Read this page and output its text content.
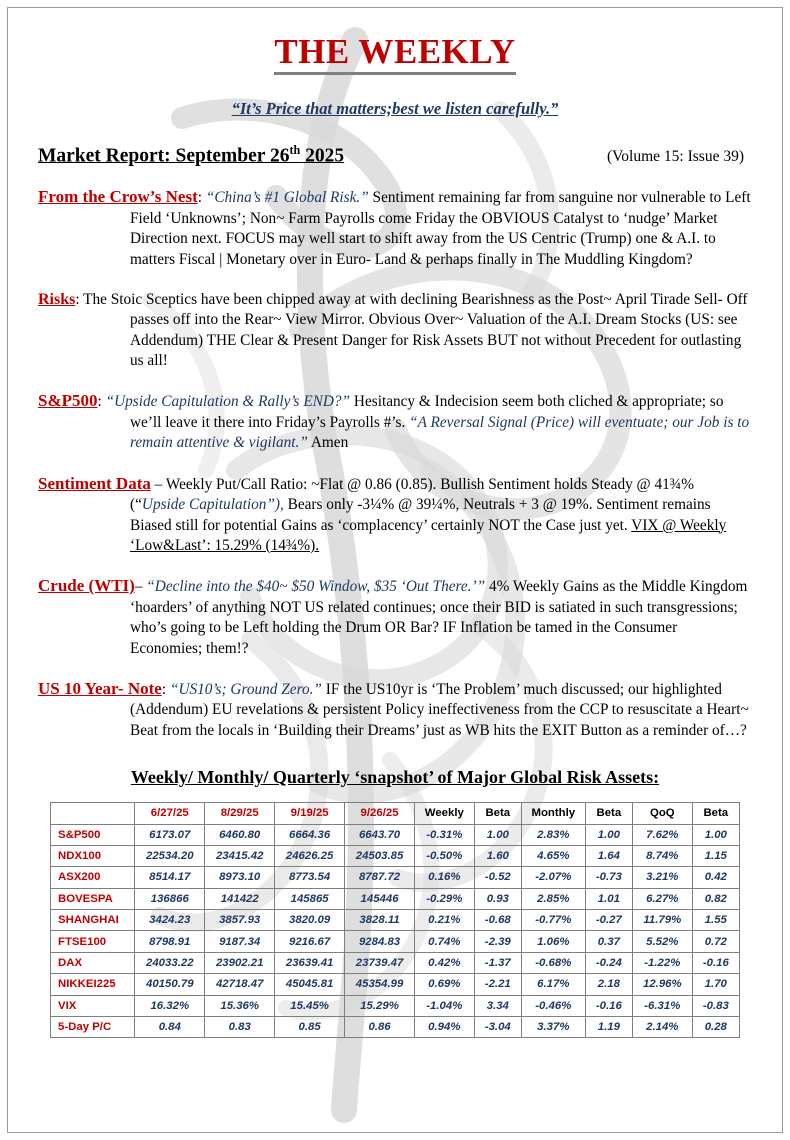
THE WEEKLY
“It’s Price that matters;best we listen carefully.”
Market Report: September 26th 2025	(Volume 15: Issue 39)

From the Crow’s Nest: “China’s #1 Global Risk.” Sentiment remaining far from sanguine nor vulnerable to Left Field ‘Unknowns’; Non~ Farm Payrolls come Friday the OBVIOUS Catalyst to ‘nudge’ Market Direction next. FOCUS may well start to shift away from the US Centric (Trump) one & A.I. to matters Fiscal | Monetary over in Euro- Land & perhaps finally in The Muddling Kingdom?

Risks: The Stoic Sceptics have been chipped away at with declining Bearishness as the Post~ April Tirade Sell- Off passes off into the Rear~ View Mirror. Obvious Over~ Valuation of the A.I. Dream Stocks (US: see Addendum) THE Clear & Present Danger for Risk Assets BUT not without Precedent for outlasting us all!

S&P500: “Upside Capitulation & Rally’s END?” Hesitancy & Indecision seem both cliched & appropriate; so we’ll leave it there into Friday’s Payrolls #’s. “A Reversal Signal (Price) will eventuate; our Job is to remain attentive & vigilant.” Amen

Sentiment Data – Weekly Put/Call Ratio: ~Flat @ 0.86 (0.85). Bullish Sentiment holds Steady @ 41¾% (“Upside Capitulation”), Bears only -3¼% @ 39¼%, Neutrals + 3 @ 19%. Sentiment remains Biased still for potential Gains as ‘complacency’ certainly NOT the Case just yet. VIX @ Weekly ‘Low&Last’: 15.29% (14¾%).

Crude (WTI)– “Decline into the $40~ $50 Window, $35 ‘Out There.’” 4% Weekly Gains as the Middle Kingdom ‘hoarders’ of anything NOT US related continues; once their BID is satiated in such transgressions; who’s going to be Left holding the Drum OR Bar? IF Inflation be tamed in the Consumer Economies; them!?

US 10 Year- Note: “US10’s; Ground Zero.” IF the US10yr is ‘The Problem’ much discussed; our highlighted (Addendum) EU revelations & persistent Policy ineffectiveness from the CCP to resuscitate a Heart~ Beat from the locals in ‘Building their Dreams’ just as WB hits the EXIT Button as a reminder of…?

Weekly/ Monthly/ Quarterly ‘snapshot’ of Major Global Risk Assets:
	6/27/25	8/29/25	9/19/25	9/26/25	Weekly	Beta	Monthly	Beta	QoQ	Beta
S&P500	6173.07	6460.80	6664.36	6643.70	-0.31%	1.00	2.83%	1.00	7.62%	1.00
NDX100	22534.20	23415.42	24626.25	24503.85	-0.50%	1.60	4.65%	1.64	8.74%	1.15
ASX200	8514.17	8973.10	8773.54	8787.72	0.16%	-0.52	-2.07%	-0.73	3.21%	0.42
BOVESPA	136866	141422	145865	145446	-0.29%	0.93	2.85%	1.01	6.27%	0.82
SHANGHAI	3424.23	3857.93	3820.09	3828.11	0.21%	-0.68	-0.77%	-0.27	11.79%	1.55
FTSE100	8798.91	9187.34	9216.67	9284.83	0.74%	-2.39	1.06%	0.37	5.52%	0.72
DAX	24033.22	23902.21	23639.41	23739.47	0.42%	-1.37	-0.68%	-0.24	-1.22%	-0.16
NIKKEI225	40150.79	42718.47	45045.81	45354.99	0.69%	-2.21	6.17%	2.18	12.96%	1.70
VIX	16.32%	15.36%	15.45%	15.29%	-1.04%	3.34	-0.46%	-0.16	-6.31%	-0.83
5-Day P/C	0.84	0.83	0.85	0.86	0.94%	-3.04	3.37%	1.19	2.14%	0.28
